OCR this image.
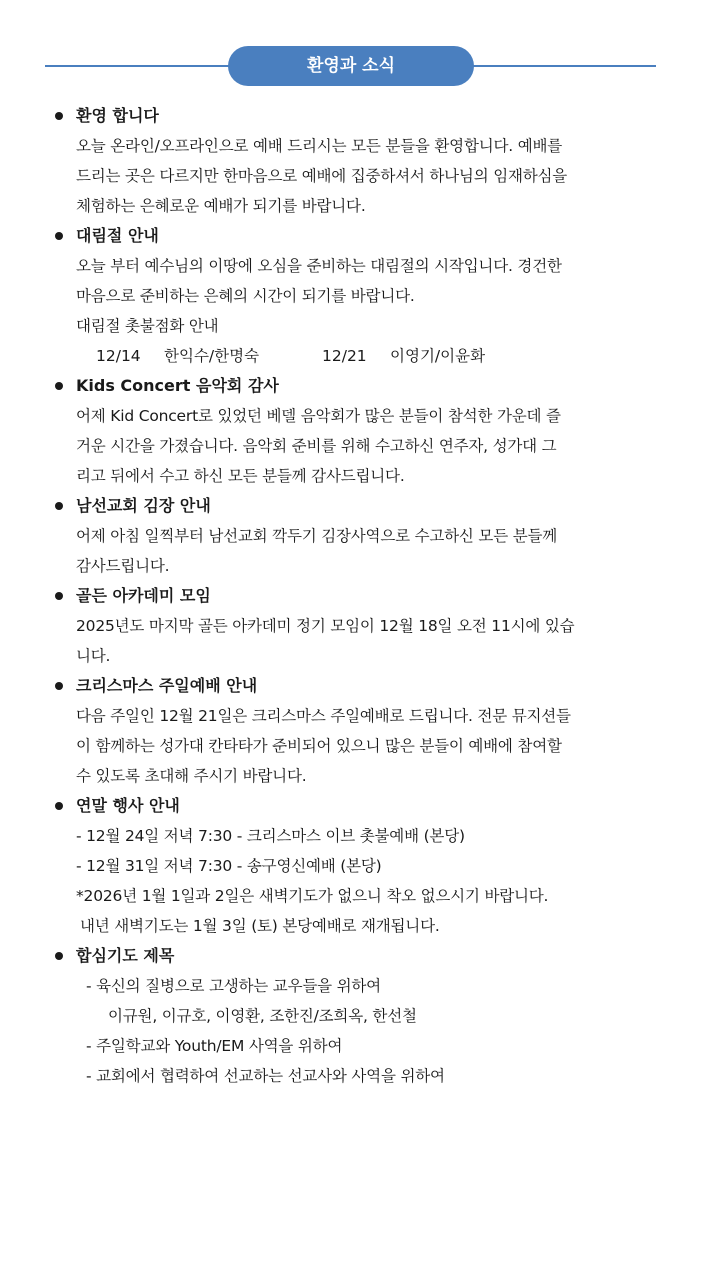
환영과 소식
환영 합니다
오늘 온라인/오프라인으로 예배 드리시는 모든 분들을 환영합니다. 예배를
드리는 곳은 다르지만 한마음으로 예배에 집중하셔서 하나님의 임재하심을
체험하는 은혜로운 예배가 되기를 바랍니다.
대림절 안내
오늘 부터 예수님의 이땅에 오심을 준비하는 대림절의 시작입니다. 경건한
마음으로 준비하는 은혜의 시간이 되기를 바랍니다.
대림절 촛불점화 안내
12/14 한익수/한명숙	12/21 이영기/이윤화
Kids Concert 음악회 감사
어제 Kid Concert로 있었던 베델 음악회가 많은 분들이 참석한 가운데 즐
거운 시간을 가졌습니다. 음악회 준비를 위해 수고하신 연주자, 성가대 그
리고 뒤에서 수고 하신 모든 분들께 감사드립니다.
남선교회 김장 안내
어제 아침 일찍부터 남선교회 깍두기 김장사역으로 수고하신 모든 분들께
감사드립니다.
골든 아카데미 모임
2025년도 마지막 골든 아카데미 정기 모임이 12월 18일 오전 11시에 있습
니다.
크리스마스 주일예배 안내
다음 주일인 12월 21일은 크리스마스 주일예배로 드립니다. 전문 뮤지션들
이 함께하는 성가대 칸타타가 준비되어 있으니 많은 분들이 예배에 참여할
수 있도록 초대해 주시기 바랍니다.
연말 행사 안내
- 12월 24일 저녁 7:30 - 크리스마스 이브 촛불예배 (본당)
- 12월 31일 저녁 7:30 - 송구영신예배 (본당)
*2026년 1월 1일과 2일은 새벽기도가 없으니 착오 없으시기 바랍니다.
내년 새벽기도는 1월 3일 (토) 본당예배로 재개됩니다.
합심기도 제목
- 육신의 질병으로 고생하는 교우들을 위하여
이규원, 이규호, 이영환, 조한진/조희옥, 한선철
- 주일학교와 Youth/EM 사역을 위하여
- 교회에서 협력하여 선교하는 선교사와 사역을 위하여
